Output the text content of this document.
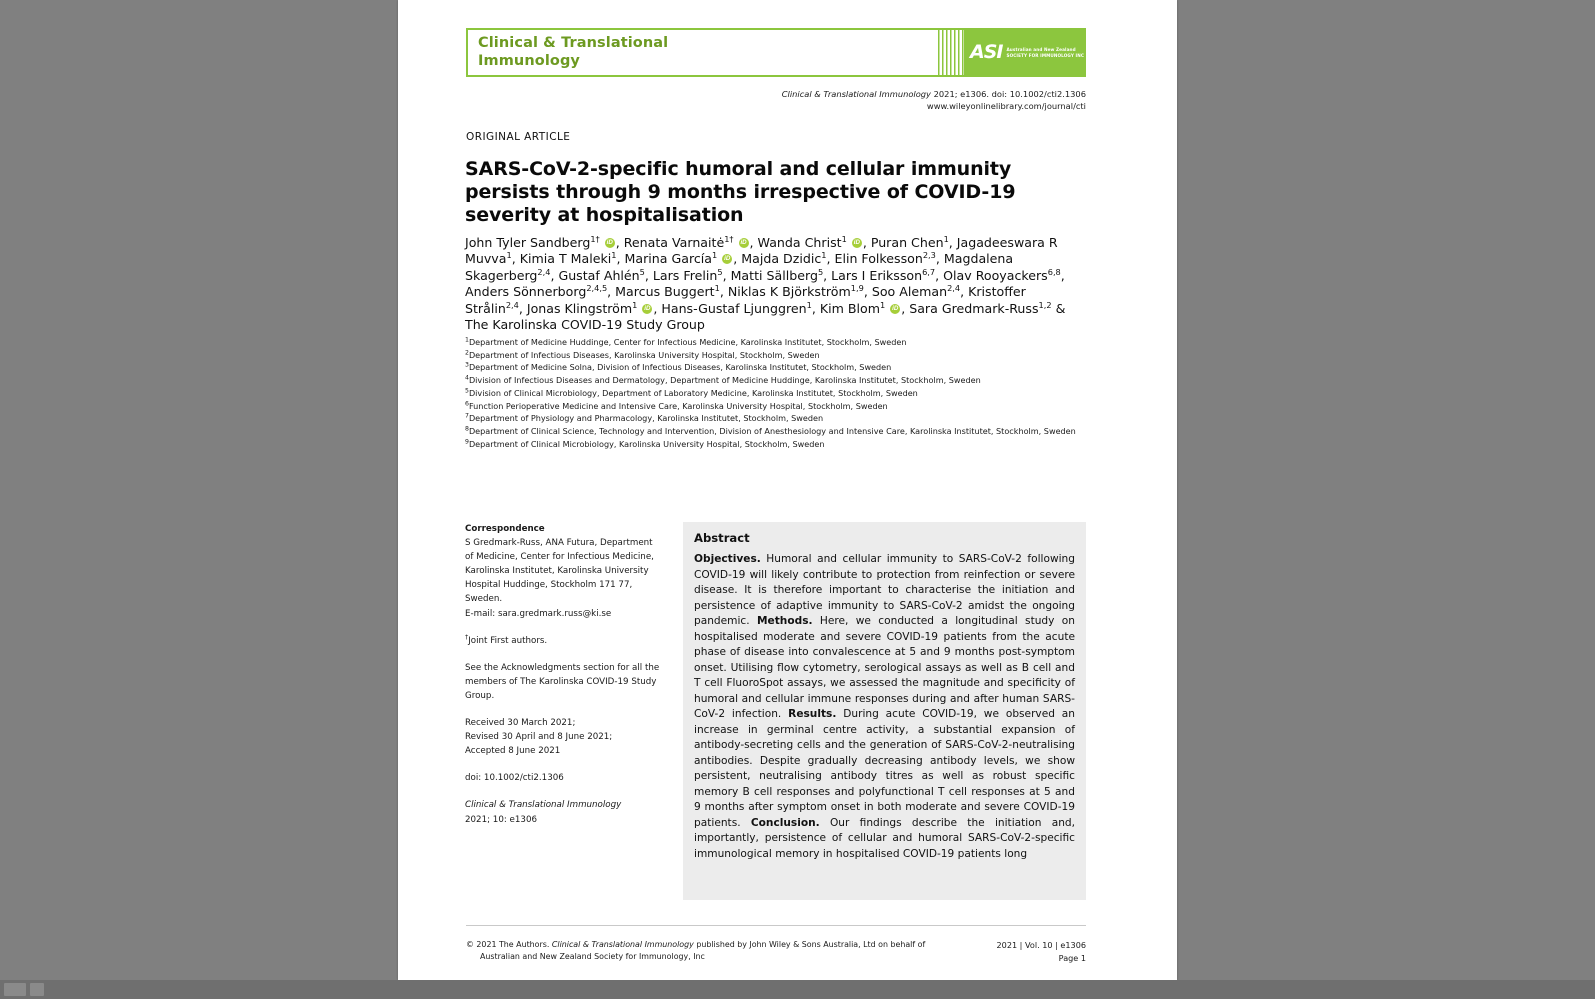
Clinical & Translational
Immunology	ASI Australian and New Zealand
SOCIETY FOR IMMUNOLOGY INC
Clinical & Translational Immunology 2021; e1306. doi: 10.1002/cti2.1306
www.wileyonlinelibrary.com/journal/cti
ORIGINAL ARTICLE
SARS-CoV-2-specific humoral and cellular immunity persists through 9 months irrespective of COVID-19 severity at hospitalisation
John Tyler Sandberg$^{1\dagger}$ iD , Renata Varnaitė$^{1\dagger}$ iD , Wanda Christ$^1$ iD , Puran Chen$^1$, Jagadeeswara R Muvva$^1$, Kimia T Maleki$^1$, Marina García$^1$ iD , Majda Dzidic$^1$, Elin Folkesson$^{2,3}$, Magdalena Skagerberg$^{2,4}$, Gustaf Ahlén$^5$, Lars Frelin$^5$, Matti Sällberg$^5$, Lars I Eriksson$^{6,7}$, Olav Rooyackers$^{6,8}$, Anders Sönnerborg$^{2,4,5}$, Marcus Buggert$^1$, Niklas K Björkström$^{1,9}$, Soo Aleman$^{2,4}$, Kristoffer Strålin$^{2,4}$, Jonas Klingström$^1$ iD , Hans-Gustaf Ljunggren$^1$, Kim Blom$^1$ iD , Sara Gredmark-Russ$^{1,2}$ & The Karolinska COVID-19 Study Group
$^1$Department of Medicine Huddinge, Center for Infectious Medicine, Karolinska Institutet, Stockholm, Sweden
$^2$Department of Infectious Diseases, Karolinska University Hospital, Stockholm, Sweden
$^3$Department of Medicine Solna, Division of Infectious Diseases, Karolinska Institutet, Stockholm, Sweden
$^4$Division of Infectious Diseases and Dermatology, Department of Medicine Huddinge, Karolinska Institutet, Stockholm, Sweden
$^5$Division of Clinical Microbiology, Department of Laboratory Medicine, Karolinska Institutet, Stockholm, Sweden
$^6$Function Perioperative Medicine and Intensive Care, Karolinska University Hospital, Stockholm, Sweden
$^7$Department of Physiology and Pharmacology, Karolinska Institutet, Stockholm, Sweden
$^8$Department of Clinical Science, Technology and Intervention, Division of Anesthesiology and Intensive Care, Karolinska Institutet, Stockholm, Sweden
$^9$Department of Clinical Microbiology, Karolinska University Hospital, Stockholm, Sweden

Correspondence
S Gredmark-Russ, ANA Futura, Department of Medicine, Center for Infectious Medicine, Karolinska Institutet, Karolinska University Hospital Huddinge, Stockholm 171 77, Sweden.
E-mail: sara.gredmark.russ@ki.se

†Joint First authors.

See the Acknowledgments section for all the members of The Karolinska COVID-19 Study Group.

Received 30 March 2021;
Revised 30 April and 8 June 2021;
Accepted 8 June 2021

doi: 10.1002/cti2.1306

Clinical & Translational Immunology
2021; 10: e1306

Abstract
Objectives. Humoral and cellular immunity to SARS-CoV-2 following COVID-19 will likely contribute to protection from reinfection or severe disease. It is therefore important to characterise the initiation and persistence of adaptive immunity to SARS-CoV-2 amidst the ongoing pandemic. Methods. Here, we conducted a longitudinal study on hospitalised moderate and severe COVID-19 patients from the acute phase of disease into convalescence at 5 and 9 months post-symptom onset. Utilising flow cytometry, serological assays as well as B cell and T cell FluoroSpot assays, we assessed the magnitude and specificity of humoral and cellular immune responses during and after human SARS-CoV-2 infection. Results. During acute COVID-19, we observed an increase in germinal centre activity, a substantial expansion of antibody-secreting cells and the generation of SARS-CoV-2-neutralising antibodies. Despite gradually decreasing antibody levels, we show persistent, neutralising antibody titres as well as robust specific memory B cell responses and polyfunctional T cell responses at 5 and 9 months after symptom onset in both moderate and severe COVID-19 patients. Conclusion. Our findings describe the initiation and, importantly, persistence of cellular and humoral SARS-CoV-2-specific immunological memory in hospitalised COVID-19 patients long
© 2021 The Authors. Clinical & Translational Immunology published by John Wiley & Sons Australia, Ltd on behalf of
Australian and New Zealand Society for Immunology, Inc
2021 | Vol. 10 | e1306
Page 1
